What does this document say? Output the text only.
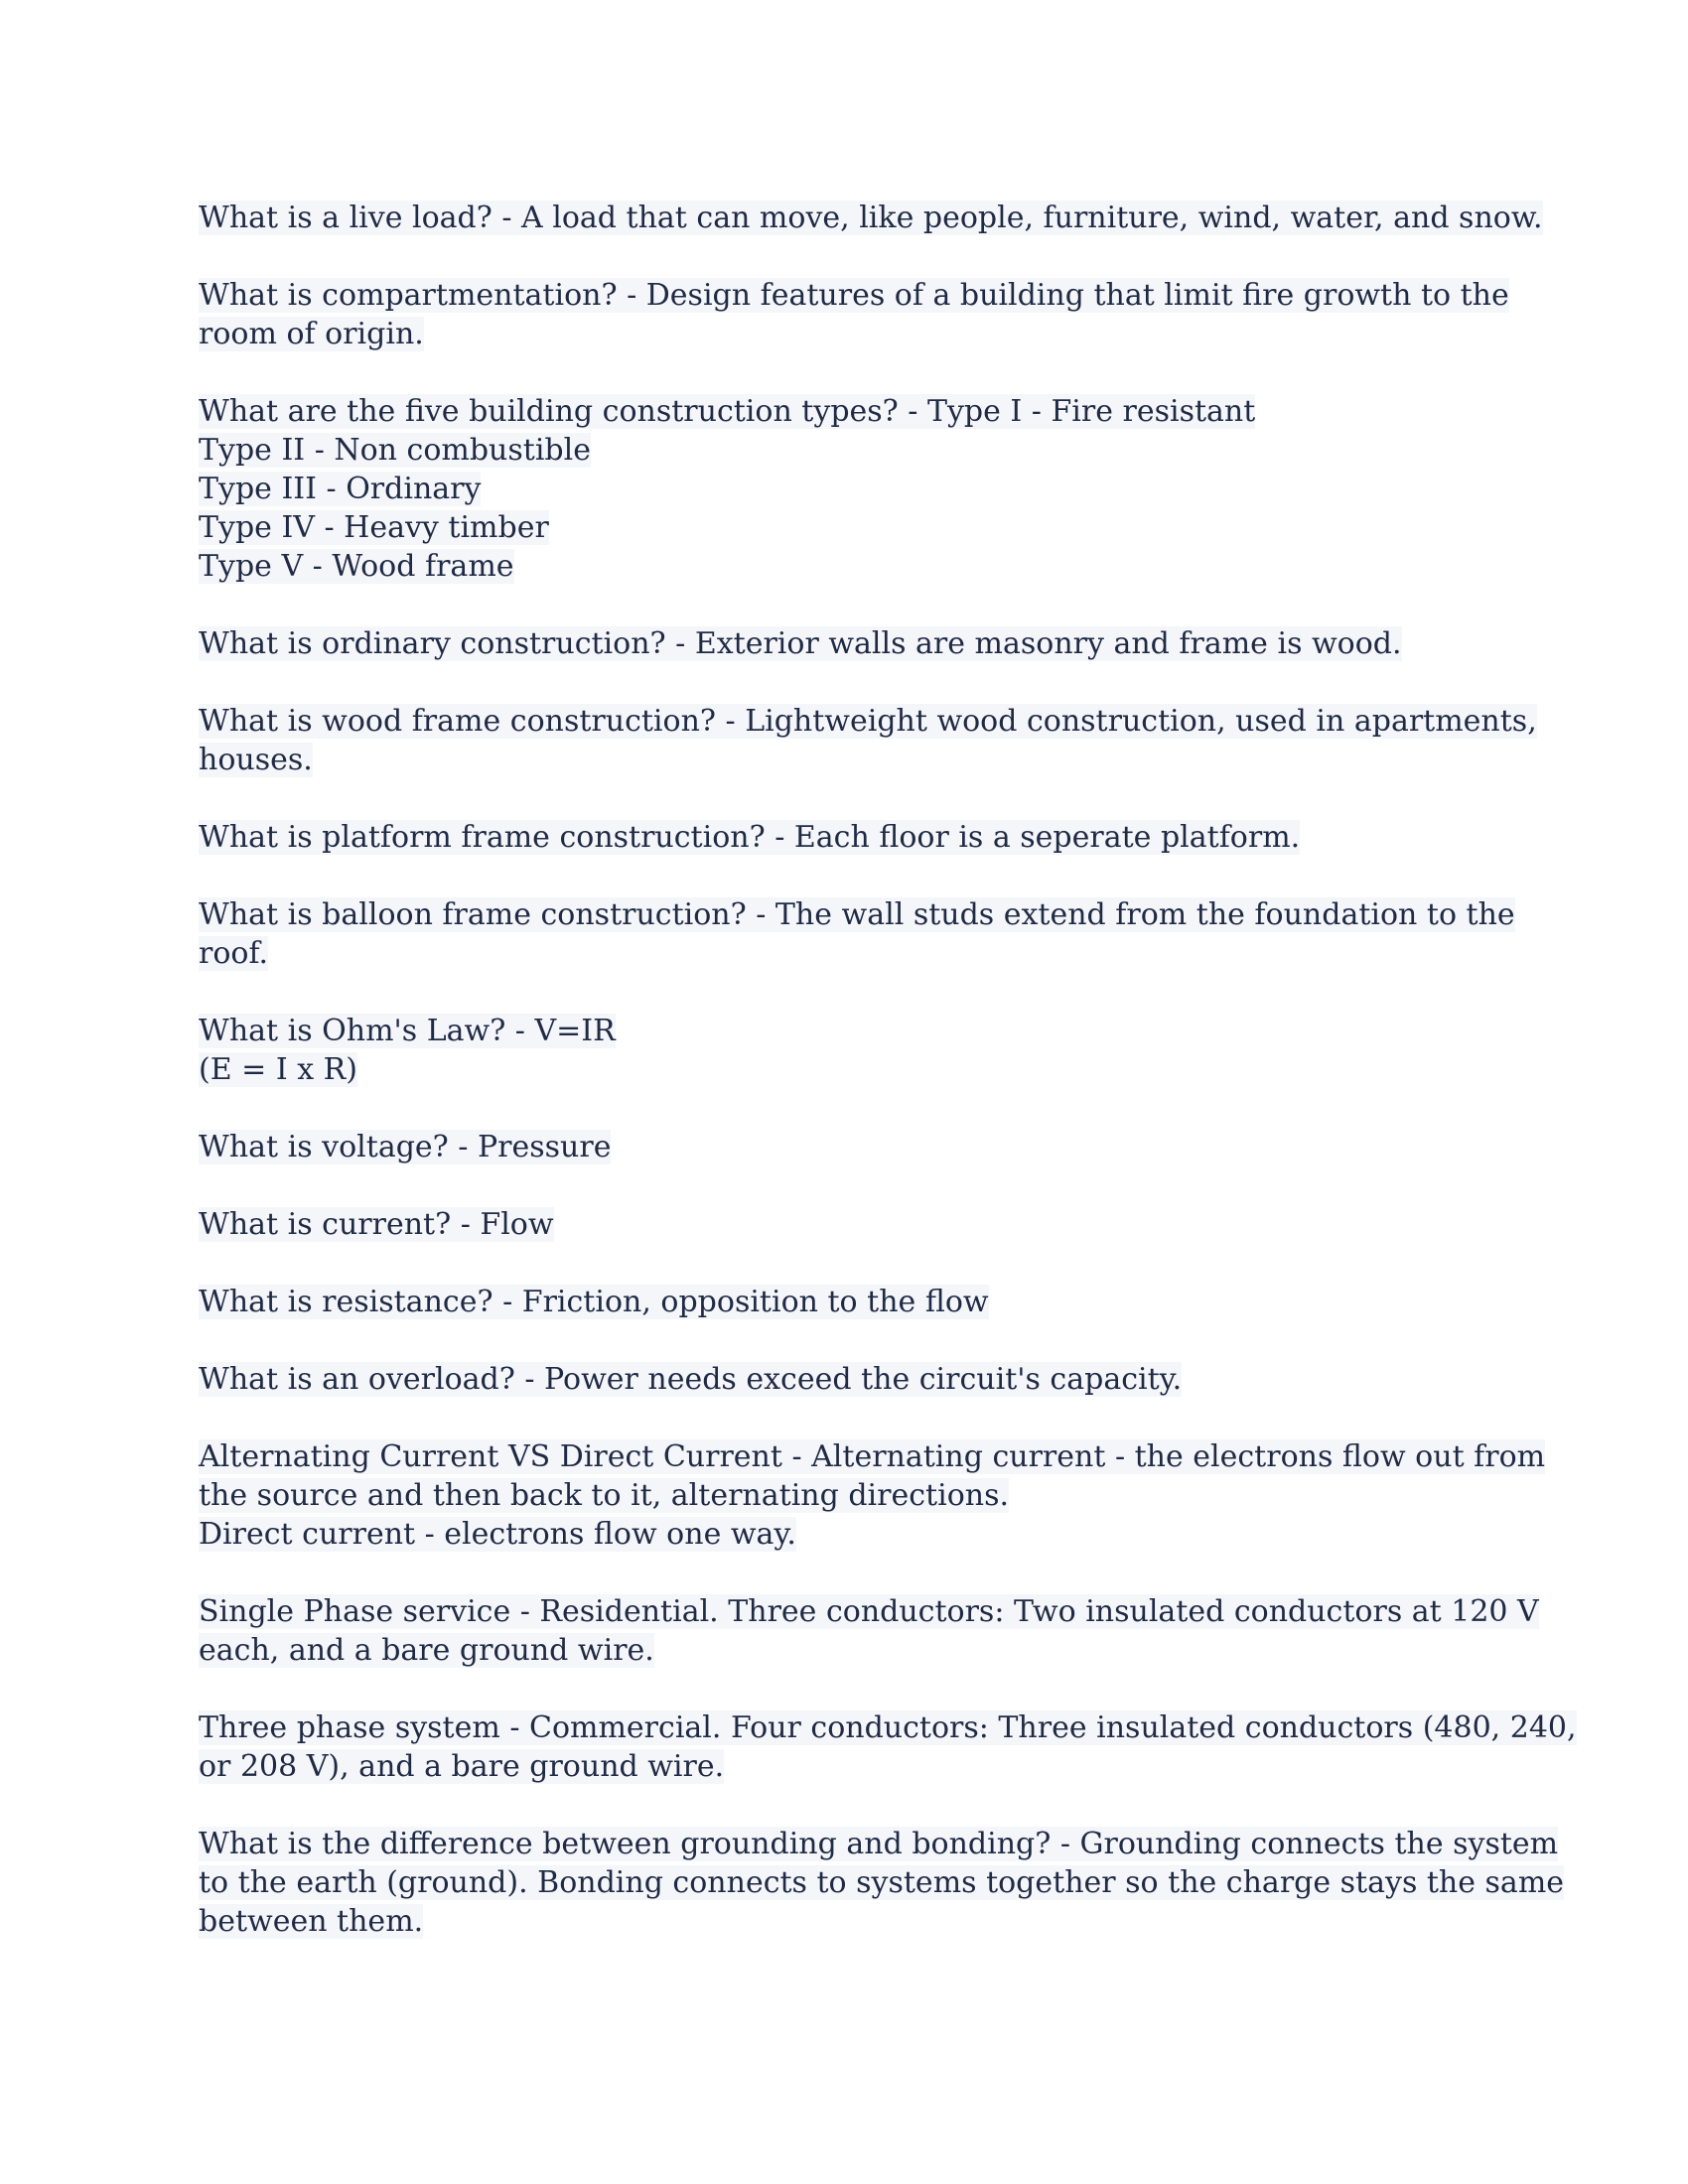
What is a live load? - A load that can move, like people, furniture, wind, water, and snow.
What is compartmentation? - Design features of a building that limit fire growth to the
room of origin.
What are the five building construction types? - Type I - Fire resistant
Type II - Non combustible
Type III - Ordinary
Type IV - Heavy timber
Type V - Wood frame
What is ordinary construction? - Exterior walls are masonry and frame is wood.
What is wood frame construction? - Lightweight wood construction, used in apartments,
houses.
What is platform frame construction? - Each floor is a seperate platform.
What is balloon frame construction? - The wall studs extend from the foundation to the
roof.
What is Ohm's Law? - V=IR
(E = I x R)
What is voltage? - Pressure
What is current? - Flow
What is resistance? - Friction, opposition to the flow
What is an overload? - Power needs exceed the circuit's capacity.
Alternating Current VS Direct Current - Alternating current - the electrons flow out from
the source and then back to it, alternating directions.
Direct current - electrons flow one way.
Single Phase service - Residential. Three conductors: Two insulated conductors at 120 V
each, and a bare ground wire.
Three phase system - Commercial. Four conductors: Three insulated conductors (480, 240,
or 208 V), and a bare ground wire.
What is the difference between grounding and bonding? - Grounding connects the system
to the earth (ground). Bonding connects to systems together so the charge stays the same
between them.
